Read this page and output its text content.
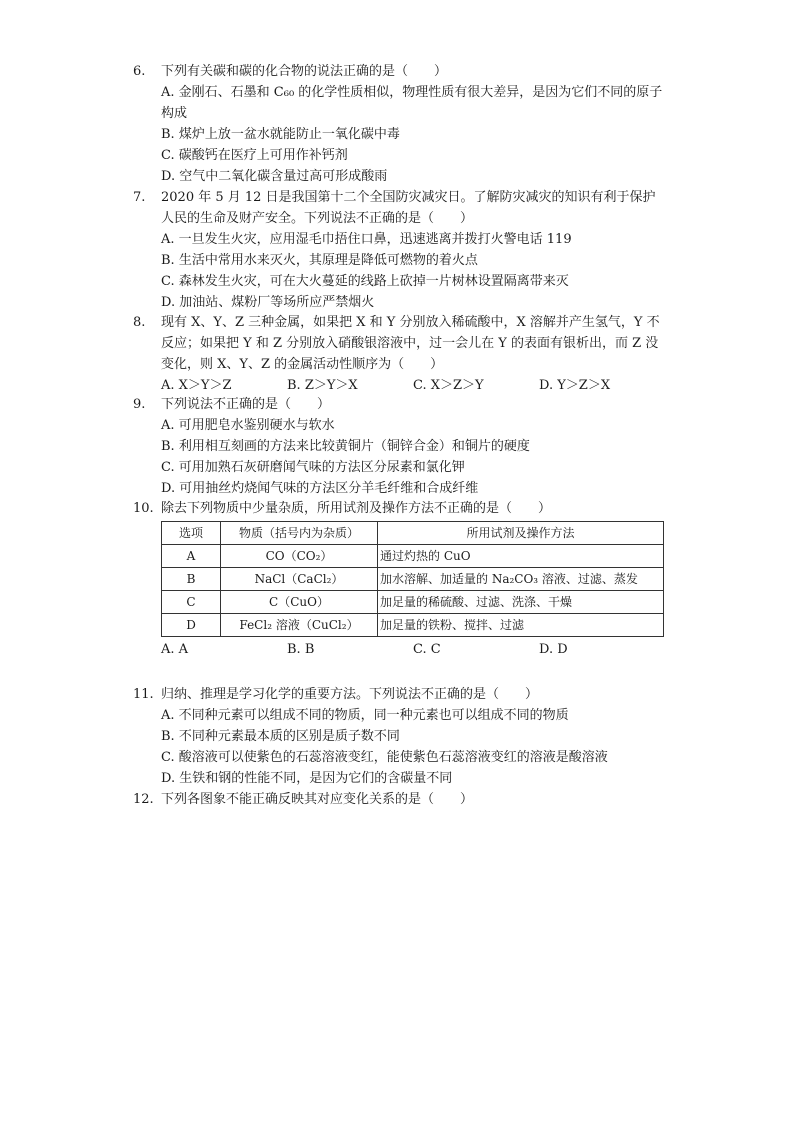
6.	下列有关碳和碳的化合物的说法正确的是（　　）
A. 金刚石、石墨和 C₆₀ 的化学性质相似，物理性质有很大差异，是因为它们不同的原子构成
B. 煤炉上放一盆水就能防止一氧化碳中毒
C. 碳酸钙在医疗上可用作补钙剂
D. 空气中二氧化碳含量过高可形成酸雨
7.	2020 年 5 月 12 日是我国第十二个全国防灾减灾日。了解防灾减灾的知识有利于保护人民的生命及财产安全。下列说法不正确的是（　　）
A. 一旦发生火灾，应用湿毛巾捂住口鼻，迅速逃离并拨打火警电话 119
B. 生活中常用水来灭火，其原理是降低可燃物的着火点
C. 森林发生火灾，可在大火蔓延的线路上砍掉一片树林设置隔离带来灭
D. 加油站、煤粉厂等场所应严禁烟火
8.	现有 X、Y、Z 三种金属，如果把 X 和 Y 分别放入稀硫酸中，X 溶解并产生氢气，Y 不反应；如果把 Y 和 Z 分别放入硝酸银溶液中，过一会儿在 Y 的表面有银析出，而 Z 没变化，则 X、Y、Z 的金属活动性顺序为（　　）
A. X＞Y＞Z	B. Z＞Y＞X	C. X＞Z＞Y	D. Y＞Z＞X
9.	下列说法不正确的是（　　）
A. 可用肥皂水鉴别硬水与软水
B. 利用相互刻画的方法来比较黄铜片（铜锌合金）和铜片的硬度
C. 可用加熟石灰研磨闻气味的方法区分尿素和氯化钾
D. 可用抽丝灼烧闻气味的方法区分羊毛纤维和合成纤维
10. 除去下列物质中少量杂质，所用试剂及操作方法不正确的是（　　）
选项	物质（括号内为杂质）	所用试剂及操作方法
A	CO（CO₂）	通过灼热的 CuO
B	NaCl（CaCl₂）	加水溶解、加适量的 Na₂CO₃ 溶液、过滤、蒸发
C	C（CuO）	加足量的稀硫酸、过滤、洗涤、干燥
D	FeCl₂ 溶液（CuCl₂）	加足量的铁粉、搅拌、过滤
A. A	B. B	C. C	D. D
11. 归纳、推理是学习化学的重要方法。下列说法不正确的是（　　）
A. 不同种元素可以组成不同的物质，同一种元素也可以组成不同的物质
B. 不同种元素最本质的区别是质子数不同
C. 酸溶液可以使紫色的石蕊溶液变红，能使紫色石蕊溶液变红的溶液是酸溶液
D. 生铁和钢的性能不同，是因为它们的含碳量不同
12. 下列各图象不能正确反映其对应变化关系的是（　　）
